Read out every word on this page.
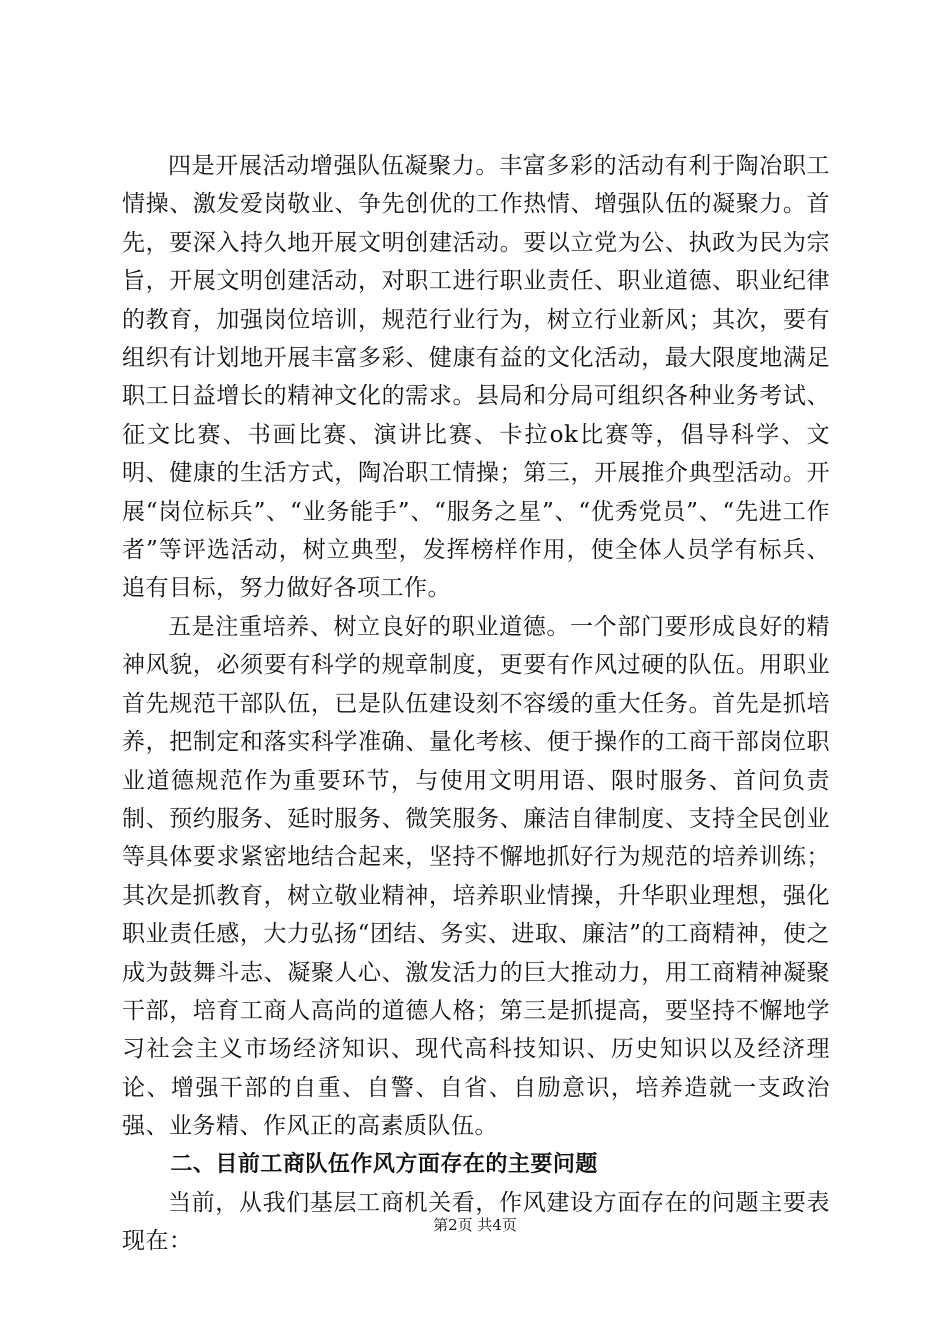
四是开展活动增强队伍凝聚力。丰富多彩的活动有利于陶冶职工情操、激发爱岗敬业、争先创优的工作热情、增强队伍的凝聚力。首先，要深入持久地开展文明创建活动。要以立党为公、执政为民为宗旨，开展文明创建活动，对职工进行职业责任、职业道德、职业纪律的教育，加强岗位培训，规范行业行为，树立行业新风；其次，要有组织有计划地开展丰富多彩、健康有益的文化活动，最大限度地满足职工日益增长的精神文化的需求。县局和分局可组织各种业务考试、征文比赛、书画比赛、演讲比赛、卡拉ok比赛等，倡导科学、文明、健康的生活方式，陶冶职工情操；第三，开展推介典型活动。开展“岗位标兵”、“业务能手”、“服务之星”、“优秀党员”、“先进工作者”等评选活动，树立典型，发挥榜样作用，使全体人员学有标兵、追有目标，努力做好各项工作。

五是注重培养、树立良好的职业道德。一个部门要形成良好的精神风貌，必须要有科学的规章制度，更要有作风过硬的队伍。用职业首先规范干部队伍，已是队伍建设刻不容缓的重大任务。首先是抓培养，把制定和落实科学准确、量化考核、便于操作的工商干部岗位职业道德规范作为重要环节，与使用文明用语、限时服务、首问负责制、预约服务、延时服务、微笑服务、廉洁自律制度、支持全民创业等具体要求紧密地结合起来，坚持不懈地抓好行为规范的培养训练；其次是抓教育，树立敬业精神，培养职业情操，升华职业理想，强化职业责任感，大力弘扬“团结、务实、进取、廉洁”的工商精神，使之成为鼓舞斗志、凝聚人心、激发活力的巨大推动力，用工商精神凝聚干部，培育工商人高尚的道德人格；第三是抓提高，要坚持不懈地学习社会主义市场经济知识、现代高科技知识、历史知识以及经济理论、增强干部的自重、自警、自省、自励意识，培养造就一支政治强、业务精、作风正的高素质队伍。

二、目前工商队伍作风方面存在的主要问题

当前，从我们基层工商机关看，作风建设方面存在的问题主要表现在：

第2页 共4页
